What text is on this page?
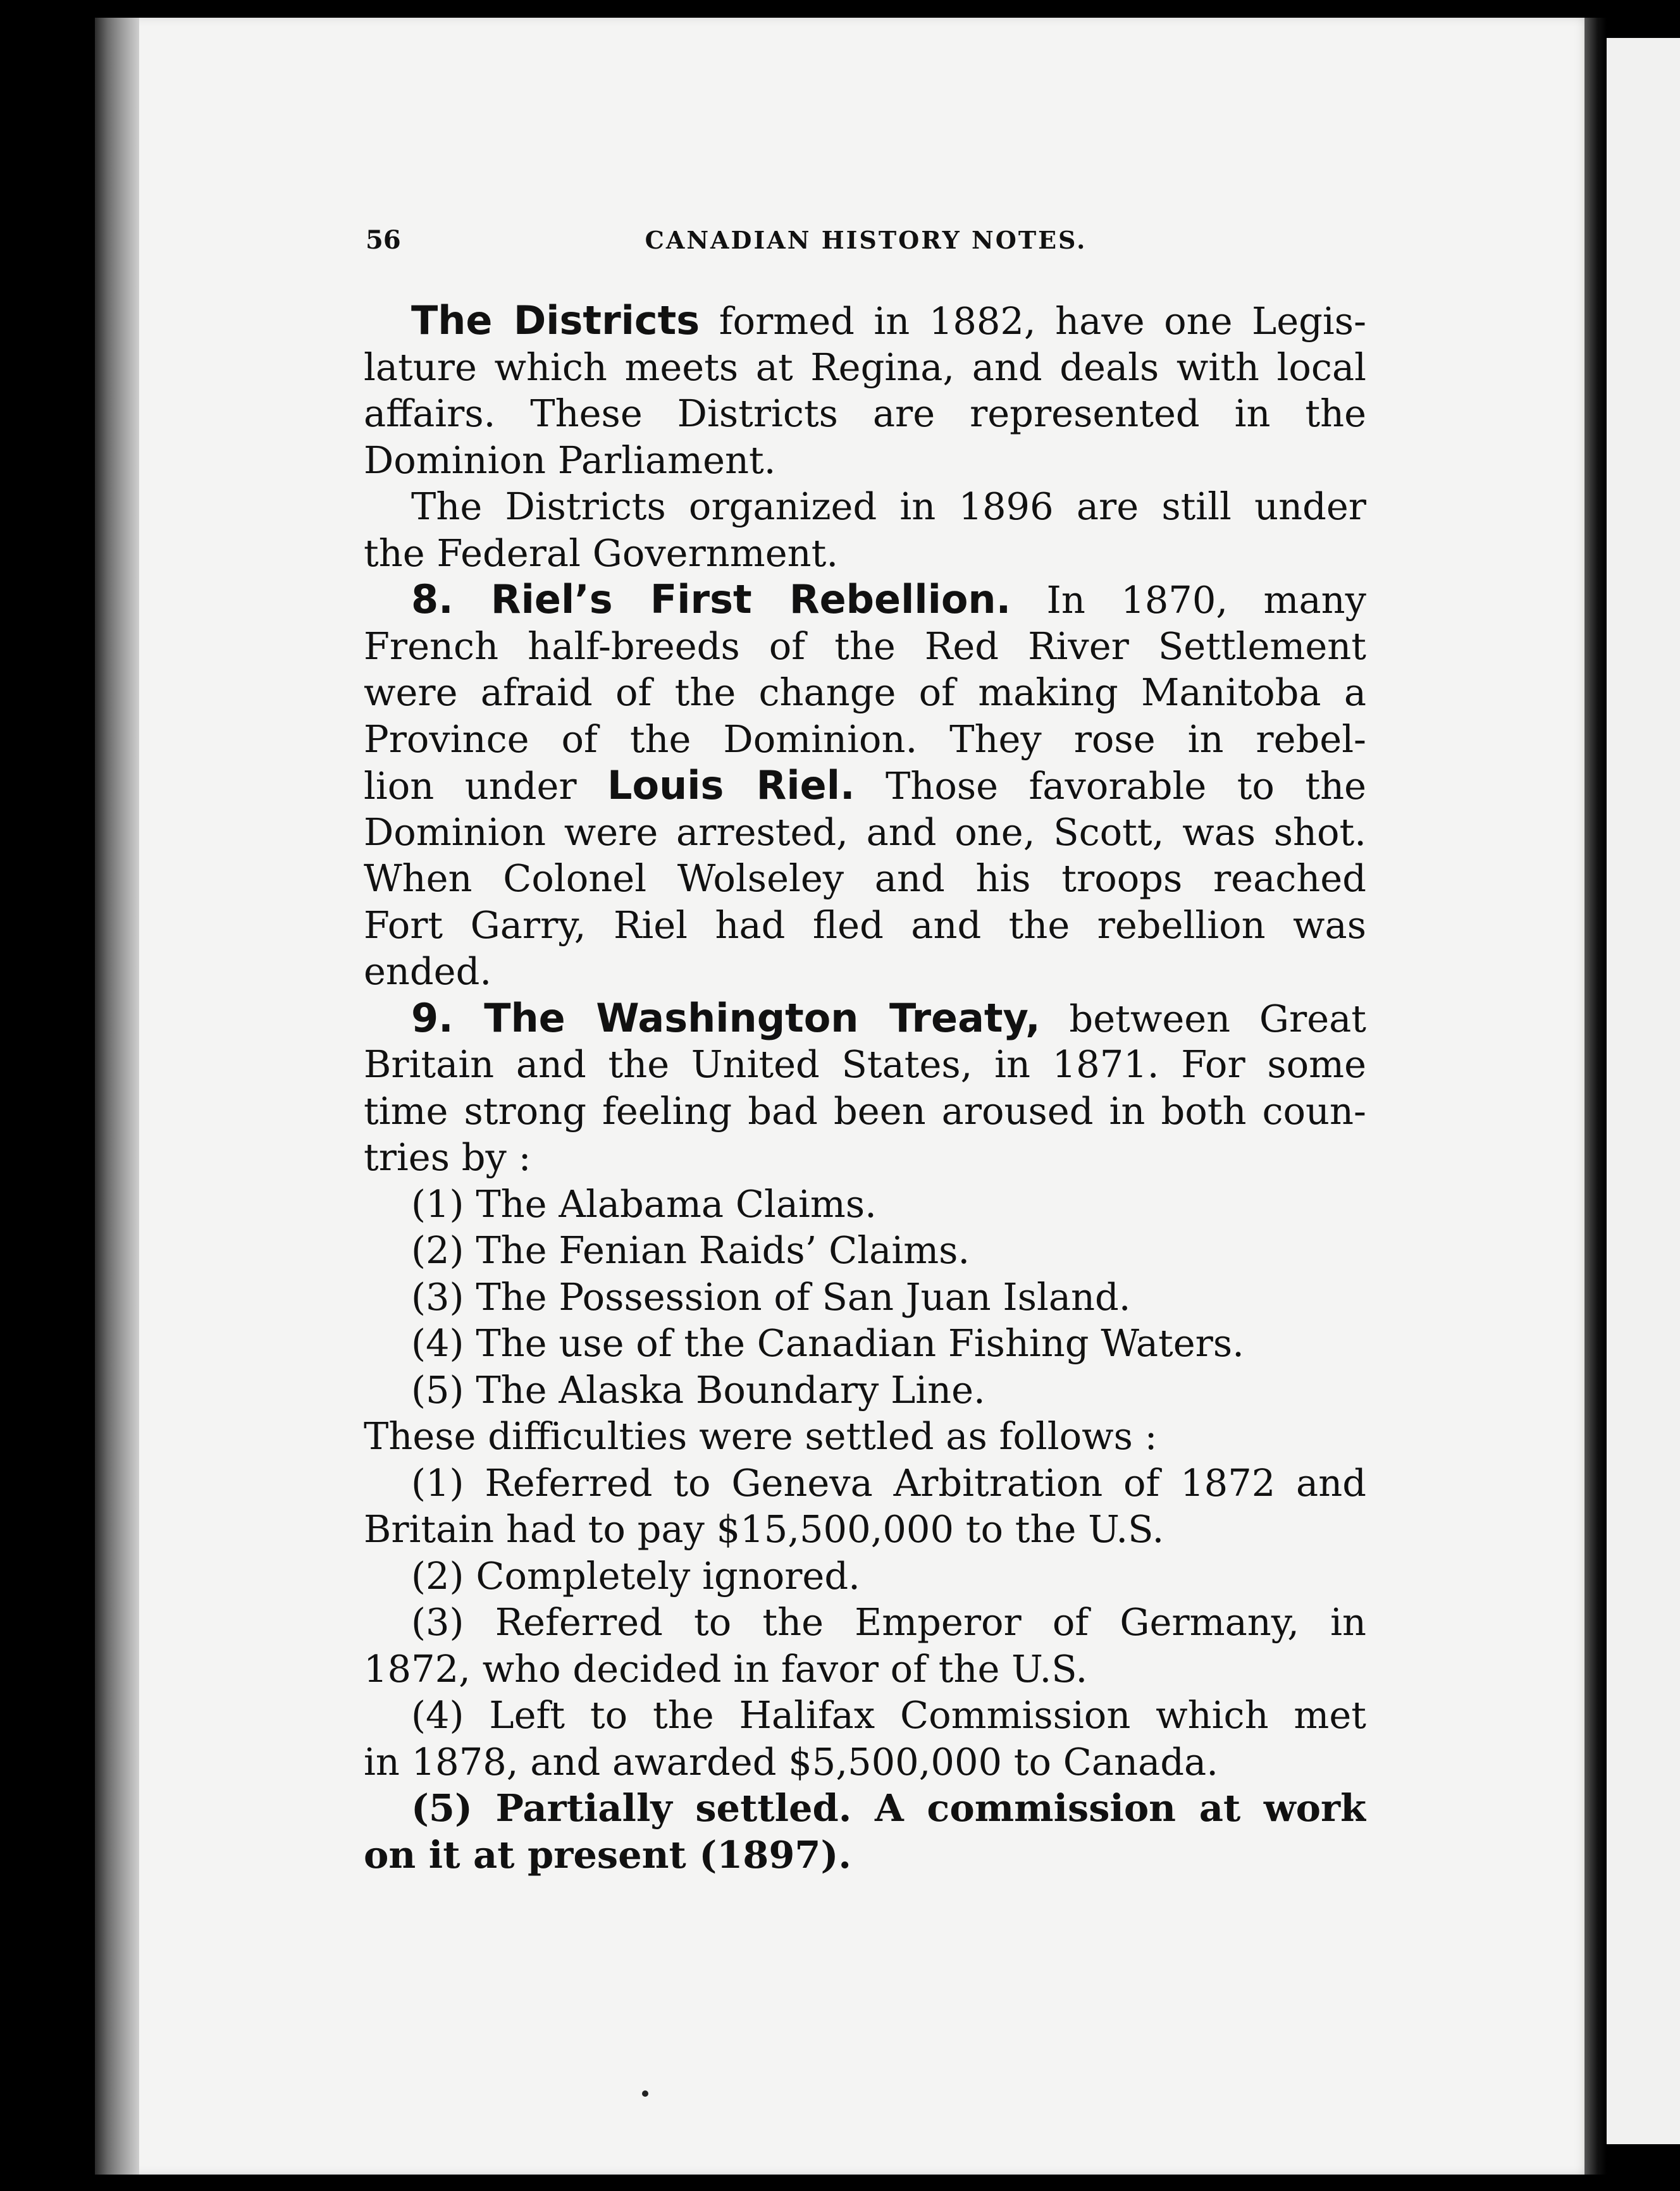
56	CANADIAN HISTORY NOTES.
The Districts formed in 1882, have one Legis-
lature which meets at Regina, and deals with local
affairs. These Districts are represented in the
Dominion Parliament.
The Districts organized in 1896 are still under
the Federal Government.
8. Riel’s First Rebellion. In 1870, many
French half-breeds of the Red River Settlement
were afraid of the change of making Manitoba a
Province of the Dominion. They rose in rebel-
lion under Louis Riel. Those favorable to the
Dominion were arrested, and one, Scott, was shot.
When Colonel Wolseley and his troops reached
Fort Garry, Riel had fled and the rebellion was
ended.
9. The Washington Treaty, between Great
Britain and the United States, in 1871. For some
time strong feeling bad been aroused in both coun-
tries by :
(1) The Alabama Claims.
(2) The Fenian Raids’ Claims.
(3) The Possession of San Juan Island.
(4) The use of the Canadian Fishing Waters.
(5) The Alaska Boundary Line.
These difficulties were settled as follows :
(1) Referred to Geneva Arbitration of 1872 and
Britain had to pay $15,500,000 to the U.S.
(2) Completely ignored.
(3) Referred to the Emperor of Germany, in
1872, who decided in favor of the U.S.
(4) Left to the Halifax Commission which met
in 1878, and awarded $5,500,000 to Canada.
(5) Partially settled. A commission at work
on it at present (1897).
